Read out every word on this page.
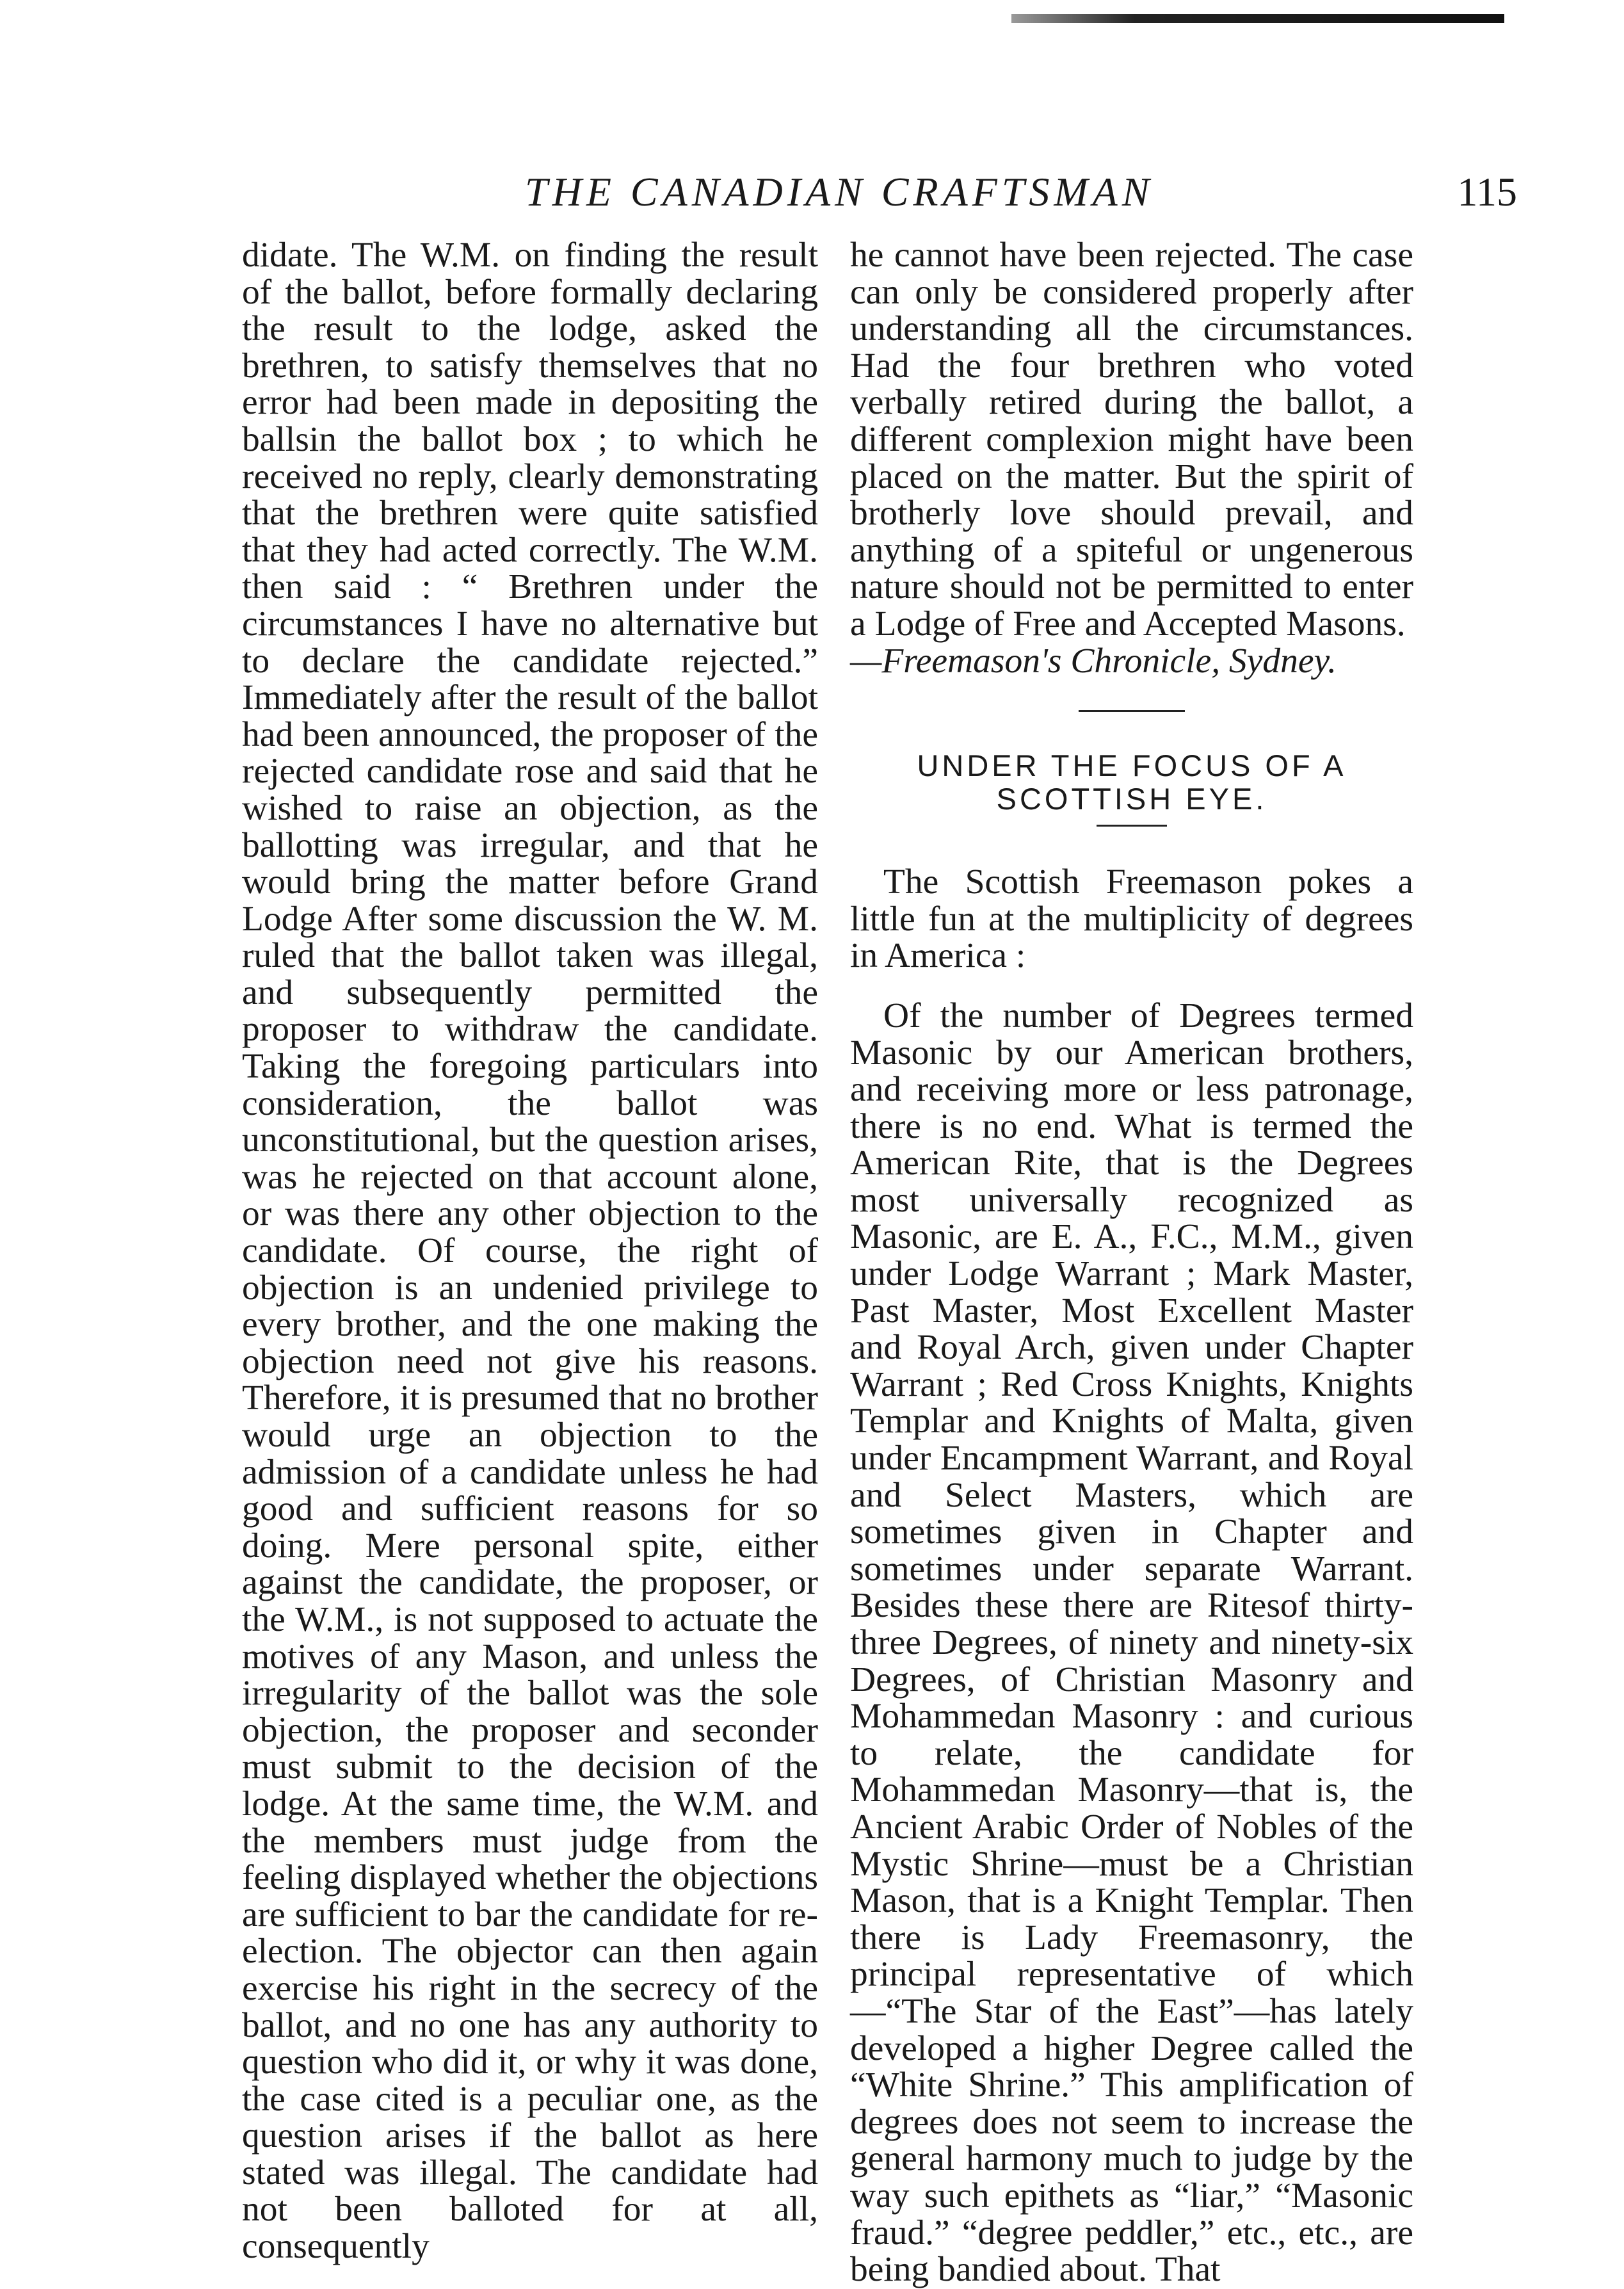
THE CANADIAN CRAFTSMAN	115

didate. The W.M. on finding the result of the ballot, before formally declaring the result to the lodge, asked the brethren, to satisfy themselves that no error had been made in depositing the ballsin the ballot box ; to which he received no reply, clearly demonstrating that the brethren were quite satisfied that they had acted correctly. The W.M. then said : “ Brethren under the circumstances I have no alternative but to declare the candidate rejected.” Immediately after the result of the ballot had been announced, the proposer of the rejected candidate rose and said that he wished to raise an objection, as the ballotting was irregular, and that he would bring the matter before Grand Lodge After some discussion the W. M. ruled that the ballot taken was illegal, and subsequently permitted the proposer to withdraw the candidate. Taking the foregoing particulars into consideration, the ballot was unconstitutional, but the question arises, was he rejected on that account alone, or was there any other objection to the candidate. Of course, the right of objection is an undenied privilege to every brother, and the one making the objection need not give his reasons. Therefore, it is presumed that no brother would urge an objection to the admission of a candidate unless he had good and sufficient reasons for so doing. Mere personal spite, either against the candidate, the proposer, or the W.M., is not supposed to actuate the motives of any Mason, and unless the irregularity of the ballot was the sole objection, the proposer and seconder must submit to the decision of the lodge. At the same time, the W.M. and the members must judge from the feeling displayed whether the objections are sufficient to bar the candidate for re-election. The objector can then again exercise his right in the secrecy of the ballot, and no one has any authority to question who did it, or why it was done, the case cited is a peculiar one, as the question arises if the ballot as here stated was illegal. The candidate had not been balloted for at all, consequently

he cannot have been rejected. The case can only be considered properly after understanding all the circumstances. Had the four brethren who voted verbally retired during the ballot, a different complexion might have been placed on the matter. But the spirit of brotherly love should prevail, and anything of a spiteful or ungenerous nature should not be permitted to enter a Lodge of Free and Accepted Masons.

—Freemason's Chronicle, Sydney.

UNDER THE FOCUS OF A SCOTTISH EYE.

The Scottish Freemason pokes a little fun at the multiplicity of degrees in America :

Of the number of Degrees termed Masonic by our American brothers, and receiving more or less patronage, there is no end. What is termed the American Rite, that is the Degrees most universally recognized as Masonic, are E. A., F.C., M.M., given under Lodge Warrant ; Mark Master, Past Master, Most Excellent Master and Royal Arch, given under Chapter Warrant ; Red Cross Knights, Knights Templar and Knights of Malta, given under Encampment Warrant, and Royal and Select Masters, which are sometimes given in Chapter and sometimes under separate Warrant. Besides these there are Ritesof thirty-three Degrees, of ninety and ninety-six Degrees, of Christian Masonry and Mohammedan Masonry : and curious to relate, the candidate for Mohammedan Masonry—that is, the Ancient Arabic Order of Nobles of the Mystic Shrine—must be a Christian Mason, that is a Knight Templar. Then there is Lady Freemasonry, the principal representative of which—“The Star of the East”—has lately developed a higher Degree called the “White Shrine.” This amplification of degrees does not seem to increase the general harmony much to judge by the way such epithets as “liar,” “Masonic fraud.” “degree peddler,” etc., etc., are being bandied about. That
